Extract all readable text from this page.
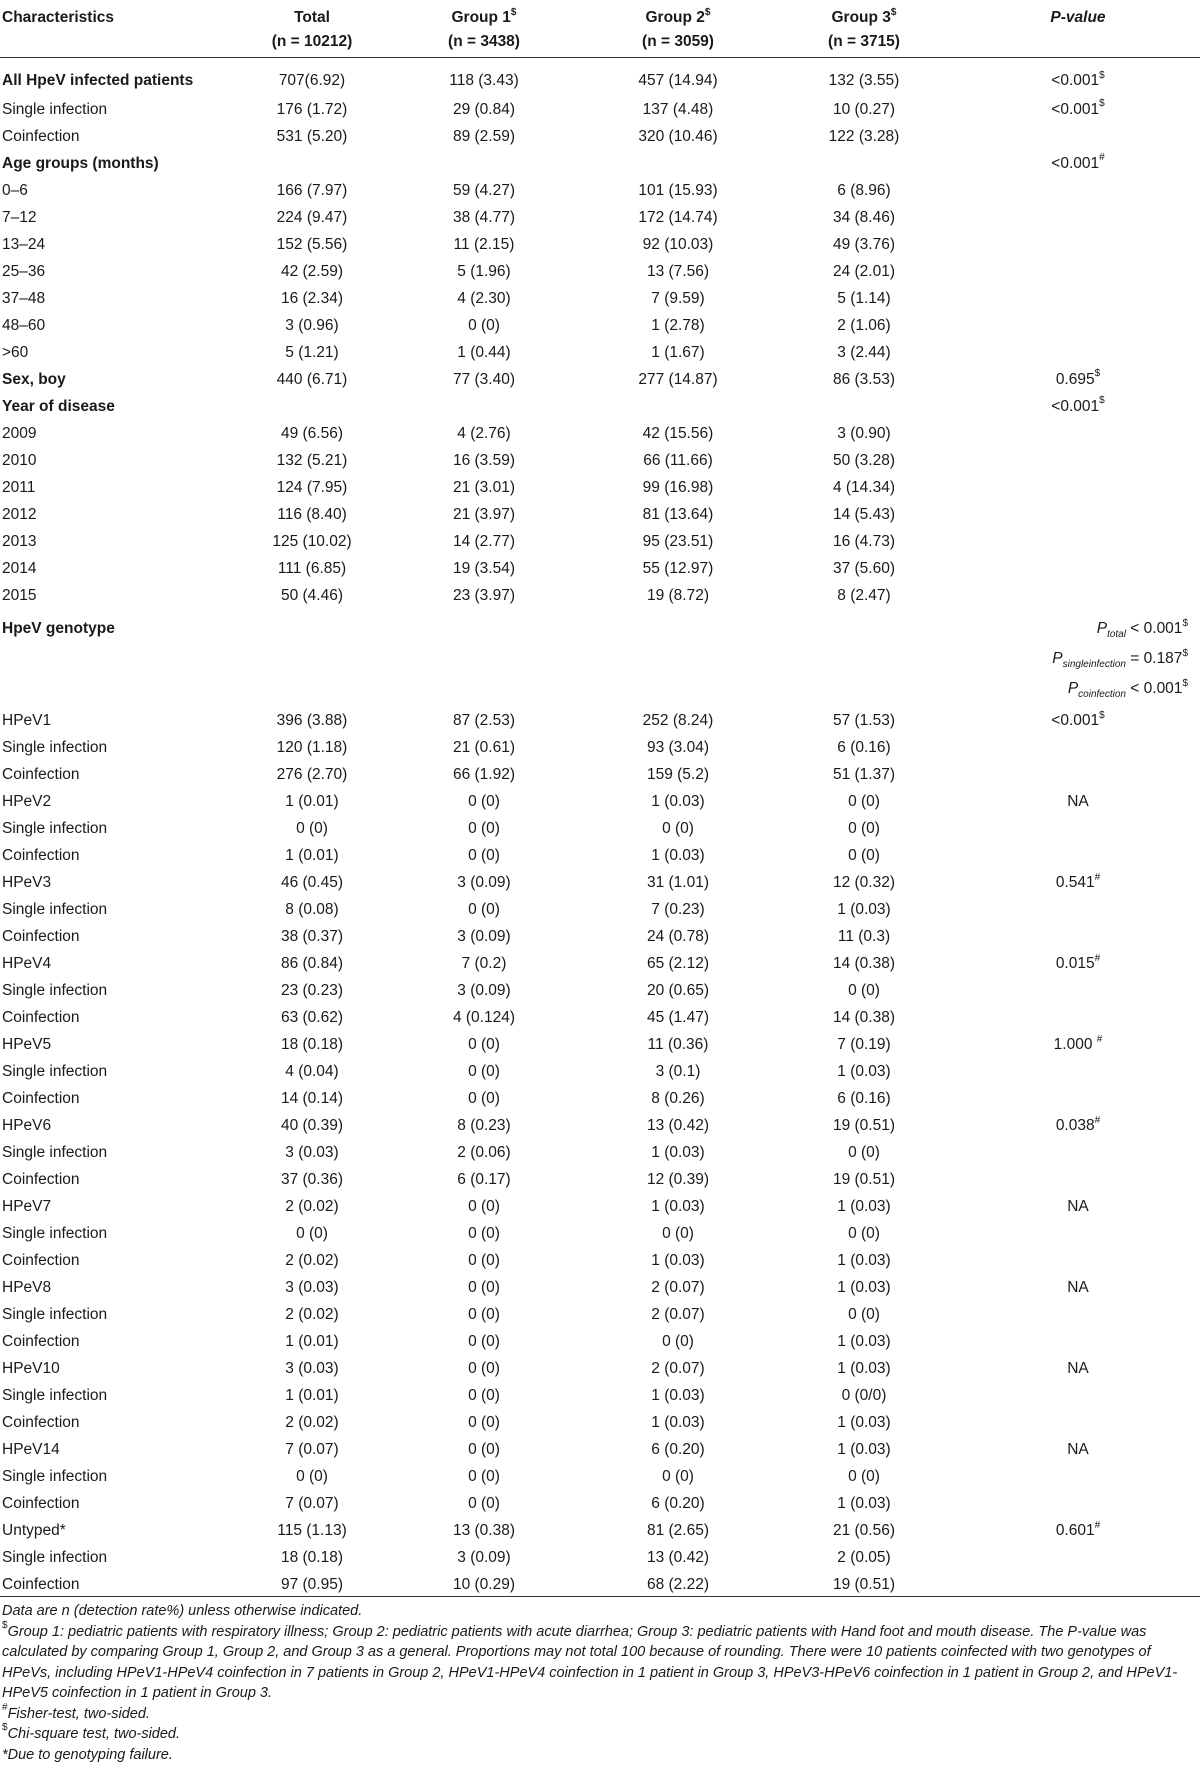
Characteristics	Total	Group 1$	Group 2$	Group 3$	P-value
	(n = 10212)	(n = 3438)	(n = 3059)	(n = 3715)	
All HpeV infected patients	707(6.92)	118 (3.43)	457 (14.94)	132 (3.55)	<0.001$
Single infection	176 (1.72)	29 (0.84)	137 (4.48)	10 (0.27)	<0.001$
Coinfection	531 (5.20)	89 (2.59)	320 (10.46)	122 (3.28)	
Age groups (months)					<0.001#
0–6	166 (7.97)	59 (4.27)	101 (15.93)	6 (8.96)	
7–12	224 (9.47)	38 (4.77)	172 (14.74)	34 (8.46)	
13–24	152 (5.56)	11 (2.15)	92 (10.03)	49 (3.76)	
25–36	42 (2.59)	5 (1.96)	13 (7.56)	24 (2.01)	
37–48	16 (2.34)	4 (2.30)	7 (9.59)	5 (1.14)	
48–60	3 (0.96)	0 (0)	1 (2.78)	2 (1.06)	
>60	5 (1.21)	1 (0.44)	1 (1.67)	3 (2.44)	
Sex, boy	440 (6.71)	77 (3.40)	277 (14.87)	86 (3.53)	0.695$
Year of disease					<0.001$
2009	49 (6.56)	4 (2.76)	42 (15.56)	3 (0.90)	
2010	132 (5.21)	16 (3.59)	66 (11.66)	50 (3.28)	
2011	124 (7.95)	21 (3.01)	99 (16.98)	4 (14.34)	
2012	116 (8.40)	21 (3.97)	81 (13.64)	14 (5.43)	
2013	125 (10.02)	14 (2.77)	95 (23.51)	16 (4.73)	
2014	111 (6.85)	19 (3.54)	55 (12.97)	37 (5.60)	
2015	50 (4.46)	23 (3.97)	19 (8.72)	8 (2.47)	

HpeV genotype					$P_{total} < 0.001^{\$}$
$P_{singleinfection} = 0.187^{\$}$
$P_{coinfection} < 0.001^{\$}$

HPeV1	396 (3.88)	87 (2.53)	252 (8.24)	57 (1.53)	<0.001$
Single infection	120 (1.18)	21 (0.61)	93 (3.04)	6 (0.16)	
Coinfection	276 (2.70)	66 (1.92)	159 (5.2)	51 (1.37)	
HPeV2	1 (0.01)	0 (0)	1 (0.03)	0 (0)	NA
Single infection	0 (0)	0 (0)	0 (0)	0 (0)	
Coinfection	1 (0.01)	0 (0)	1 (0.03)	0 (0)	
HPeV3	46 (0.45)	3 (0.09)	31 (1.01)	12 (0.32)	0.541#
Single infection	8 (0.08)	0 (0)	7 (0.23)	1 (0.03)	
Coinfection	38 (0.37)	3 (0.09)	24 (0.78)	11 (0.3)	
HPeV4	86 (0.84)	7 (0.2)	65 (2.12)	14 (0.38)	0.015#
Single infection	23 (0.23)	3 (0.09)	20 (0.65)	0 (0)	
Coinfection	63 (0.62)	4 (0.124)	45 (1.47)	14 (0.38)	
HPeV5	18 (0.18)	0 (0)	11 (0.36)	7 (0.19)	1.000 #
Single infection	4 (0.04)	0 (0)	3 (0.1)	1 (0.03)	
Coinfection	14 (0.14)	0 (0)	8 (0.26)	6 (0.16)	
HPeV6	40 (0.39)	8 (0.23)	13 (0.42)	19 (0.51)	0.038#
Single infection	3 (0.03)	2 (0.06)	1 (0.03)	0 (0)	
Coinfection	37 (0.36)	6 (0.17)	12 (0.39)	19 (0.51)	
HPeV7	2 (0.02)	0 (0)	1 (0.03)	1 (0.03)	NA
Single infection	0 (0)	0 (0)	0 (0)	0 (0)	
Coinfection	2 (0.02)	0 (0)	1 (0.03)	1 (0.03)	
HPeV8	3 (0.03)	0 (0)	2 (0.07)	1 (0.03)	NA
Single infection	2 (0.02)	0 (0)	2 (0.07)	0 (0)	
Coinfection	1 (0.01)	0 (0)	0 (0)	1 (0.03)	
HPeV10	3 (0.03)	0 (0)	2 (0.07)	1 (0.03)	NA
Single infection	1 (0.01)	0 (0)	1 (0.03)	0 (0/0)	
Coinfection	2 (0.02)	0 (0)	1 (0.03)	1 (0.03)	
HPeV14	7 (0.07)	0 (0)	6 (0.20)	1 (0.03)	NA
Single infection	0 (0)	0 (0)	0 (0)	0 (0)	
Coinfection	7 (0.07)	0 (0)	6 (0.20)	1 (0.03)	
Untyped*	115 (1.13)	13 (0.38)	81 (2.65)	21 (0.56)	0.601#
Single infection	18 (0.18)	3 (0.09)	13 (0.42)	2 (0.05)	
Coinfection	97 (0.95)	10 (0.29)	68 (2.22)	19 (0.51)	

Data are n (detection rate%) unless otherwise indicated.

$Group 1: pediatric patients with respiratory illness; Group 2: pediatric patients with acute diarrhea; Group 3: pediatric patients with Hand foot and mouth disease. The P-value was calculated by comparing Group 1, Group 2, and Group 3 as a general. Proportions may not total 100 because of rounding. There were 10 patients coinfected with two genotypes of HPeVs, including HPeV1-HPeV4 coinfection in 7 patients in Group 2, HPeV1-HPeV4 coinfection in 1 patient in Group 3, HPeV3-HPeV6 coinfection in 1 patient in Group 2, and HPeV1-HPeV5 coinfection in 1 patient in Group 3.

#Fisher-test, two-sided.

$Chi-square test, two-sided.

*Due to genotyping failure.
